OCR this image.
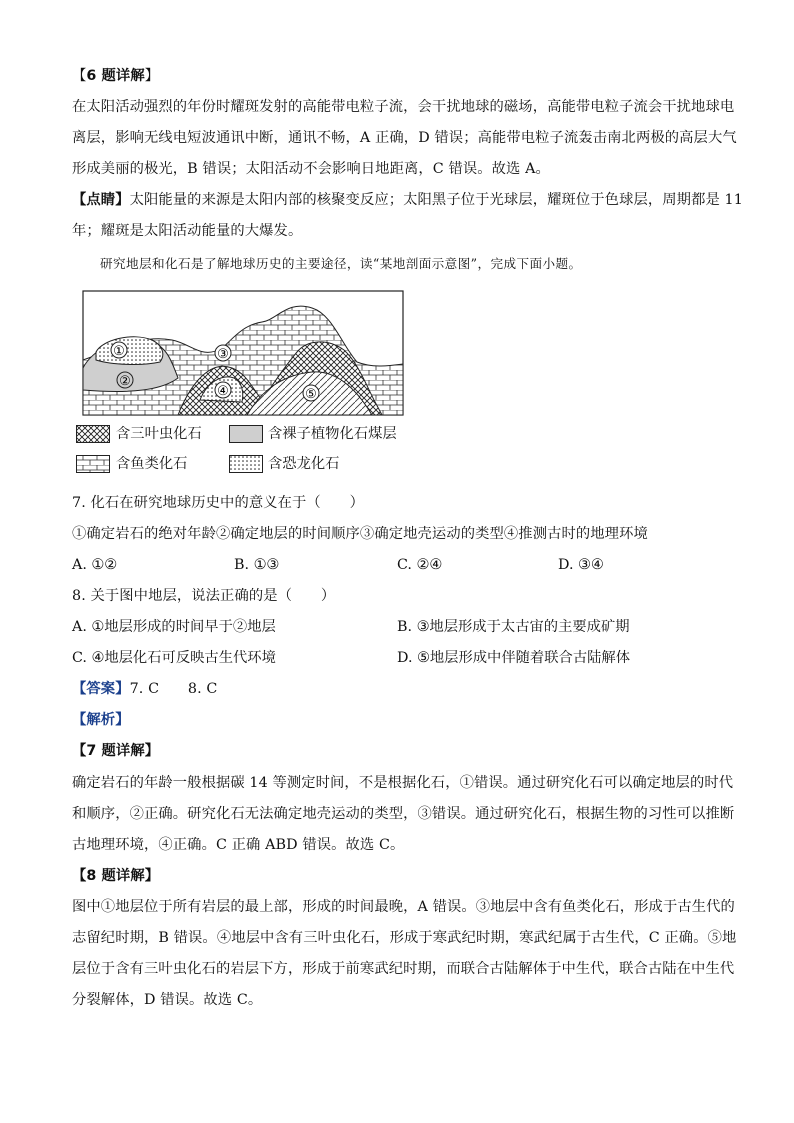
【6 题详解】
在太阳活动强烈的年份时耀斑发射的高能带电粒子流，会干扰地球的磁场，高能带电粒子流会干扰地球电
离层，影响无线电短波通讯中断，通讯不畅，A 正确，D 错误；高能带电粒子流轰击南北两极的高层大气
形成美丽的极光，B 错误；太阳活动不会影响日地距离，C 错误。故选 A。
【点睛】太阳能量的来源是太阳内部的核聚变反应；太阳黑子位于光球层，耀斑位于色球层，周期都是 11
年；耀斑是太阳活动能量的大爆发。
研究地层和化石是了解地球历史的主要途径，读“某地剖面示意图”，完成下面小题。
①
②
③
④	⑤
含三叶虫化石	含裸子植物化石煤层
含鱼类化石	含恐龙化石
7. 化石在研究地球历史中的意义在于（　　）
①确定岩石的绝对年龄②确定地层的时间顺序③确定地壳运动的类型④推测古时的地理环境
A. ①②	B. ①③	C. ②④	D. ③④
8. 关于图中地层，说法正确的是（　　）
A. ①地层形成的时间早于②地层	B. ③地层形成于太古宙的主要成矿期
C. ④地层化石可反映古生代环境	D. ⑤地层形成中伴随着联合古陆解体
【答案】7. C　　8. C
【解析】
【7 题详解】
确定岩石的年龄一般根据碳 14 等测定时间，不是根据化石，①错误。通过研究化石可以确定地层的时代
和顺序，②正确。研究化石无法确定地壳运动的类型，③错误。通过研究化石，根据生物的习性可以推断
古地理环境，④正确。C 正确 ABD 错误。故选 C。
【8 题详解】
图中①地层位于所有岩层的最上部，形成的时间最晚，A 错误。③地层中含有鱼类化石，形成于古生代的
志留纪时期，B 错误。④地层中含有三叶虫化石，形成于寒武纪时期，寒武纪属于古生代，C 正确。⑤地
层位于含有三叶虫化石的岩层下方，形成于前寒武纪时期，而联合古陆解体于中生代，联合古陆在中生代
分裂解体，D 错误。故选 C。
